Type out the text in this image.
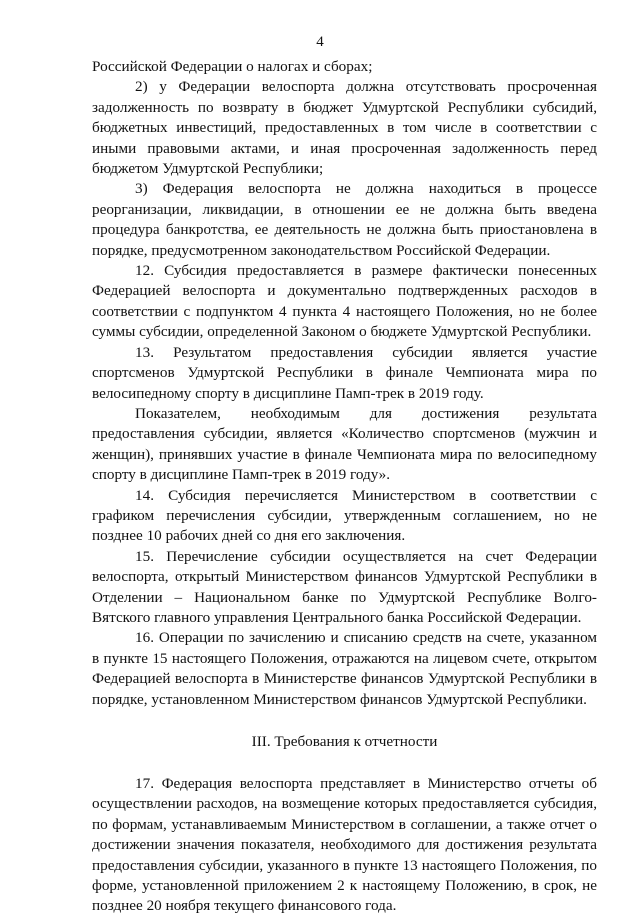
4

Российской Федерации о налогах и сборах;

2) у Федерации велоспорта должна отсутствовать просроченная задолженность по возврату в бюджет Удмуртской Республики субсидий, бюджетных инвестиций, предоставленных в том числе в соответствии с иными правовыми актами, и иная просроченная задолженность перед бюджетом Удмуртской Республики;

3) Федерация велоспорта не должна находиться в процессе реорганизации, ликвидации, в отношении ее не должна быть введена процедура банкротства, ее деятельность не должна быть приостановлена в порядке, предусмотренном законодательством Российской Федерации.

12. Субсидия предоставляется в размере фактически понесенных Федерацией велоспорта и документально подтвержденных расходов в соответствии с подпунктом 4 пункта 4 настоящего Положения, но не более суммы субсидии, определенной Законом о бюджете Удмуртской Республики.

13. Результатом предоставления субсидии является участие спортсменов Удмуртской Республики в финале Чемпионата мира по велосипедному спорту в дисциплине Памп-трек в 2019 году.

Показателем, необходимым для достижения результата предоставления субсидии, является «Количество спортсменов (мужчин и женщин), принявших участие в финале Чемпионата мира по велосипедному спорту в дисциплине Памп-трек в 2019 году».

14. Субсидия перечисляется Министерством в соответствии с графиком перечисления субсидии, утвержденным соглашением, но не позднее 10 рабочих дней со дня его заключения.

15. Перечисление субсидии осуществляется на счет Федерации велоспорта, открытый Министерством финансов Удмуртской Республики в Отделении – Национальном банке по Удмуртской Республике Волго-Вятского главного управления Центрального банка Российской Федерации.

16. Операции по зачислению и списанию средств на счете, указанном в пункте 15 настоящего Положения, отражаются на лицевом счете, открытом Федерацией велоспорта в Министерстве финансов Удмуртской Республики в порядке, установленном Министерством финансов Удмуртской Республики.

III. Требования к отчетности

17. Федерация велоспорта представляет в Министерство отчеты об осуществлении расходов, на возмещение которых предоставляется субсидия, по формам, устанавливаемым Министерством в соглашении, а также отчет о достижении значения показателя, необходимого для достижения результата предоставления субсидии, указанного в пункте 13 настоящего Положения, по форме, установленной приложением 2 к настоящему Положению, в срок, не позднее 20 ноября текущего финансового года.
